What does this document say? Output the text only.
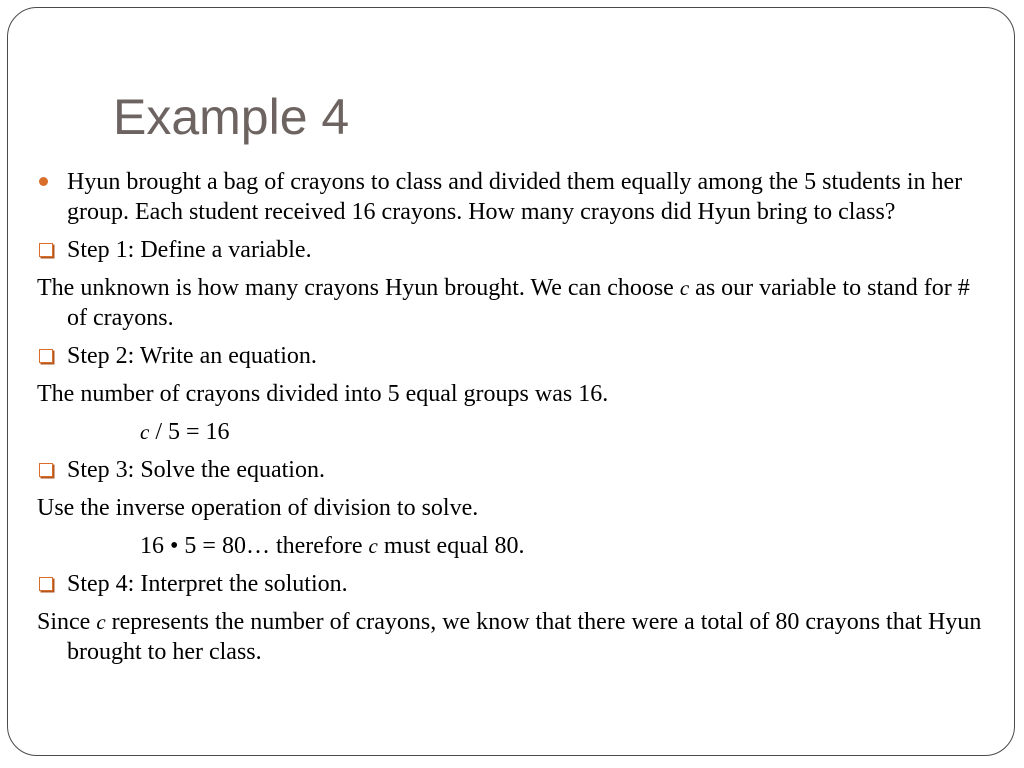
Example 4

Hyun brought a bag of crayons to class and divided them equally among the 5 students in her group. Each student received 16 crayons. How many crayons did Hyun bring to class?

Step 1: Define a variable.

The unknown is how many crayons Hyun brought. We can choose c as our variable to stand for # of crayons.

Step 2: Write an equation.

The number of crayons divided into 5 equal groups was 16.

c / 5 = 16

Step 3: Solve the equation.

Use the inverse operation of division to solve.

16 • 5 = 80… therefore c must equal 80.

Step 4: Interpret the solution.

Since c represents the number of crayons, we know that there were a total of 80 crayons that Hyun brought to her class.
